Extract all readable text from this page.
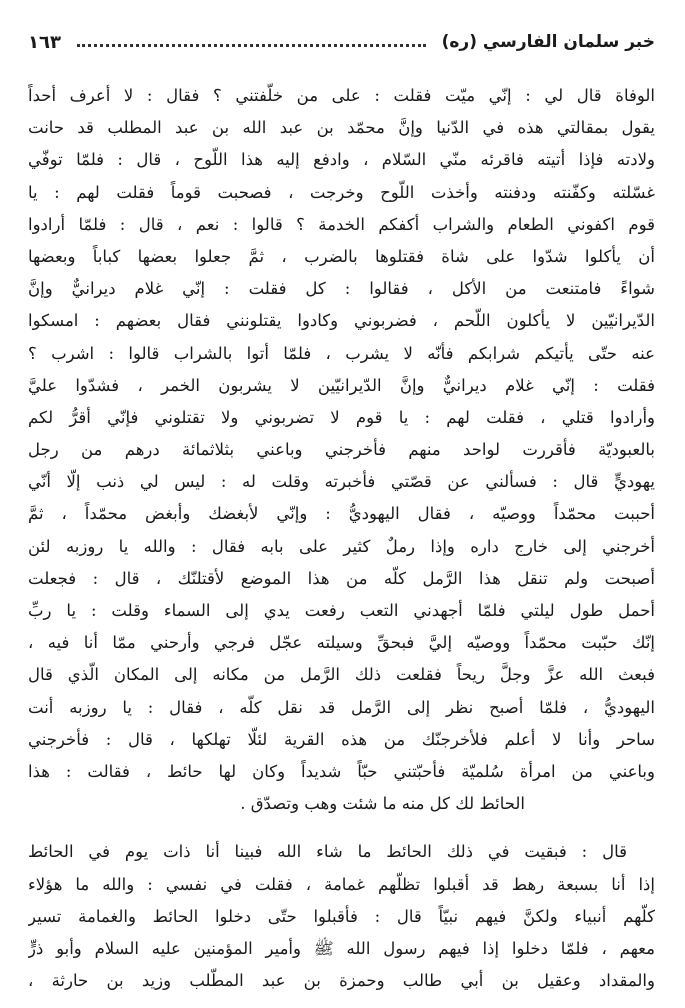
خبر سلمان الفارسي (ره)
١٦٣
الوفاة قال لي : إنّي ميّت فقلت : على من خلّفتني ؟ فقال : لا أعرف أحداً
يقول بمقالتي هذه في الدّنيا وإنَّ محمّد بن عبد الله بن عبد المطلب قد حانت
ولادته فإذا أتيته فاقرئه منّي السّلام ، وادفع إليه هذا اللّوح ، قال : فلمّا توفّي
غسّلته وكفّنته ودفنته وأخذت اللّوح وخرجت ، فصحبت قوماً فقلت لهم : يا
قوم اكفوني الطعام والشراب أكفكم الخدمة ؟ قالوا : نعم ، قال : فلمّا أرادوا
أن يأكلوا شدّوا على شاة فقتلوها بالضرب ، ثمَّ جعلوا بعضها كباباً وبعضها
شواءً فامتنعت من الأكل ، فقالوا : كل فقلت : إنّي غلام ديرانيٌّ وإنَّ
الدّيرانيّين لا يأكلون اللّحم ، فضربوني وكادوا يقتلونني فقال بعضهم : امسكوا
عنه حتّى يأتيكم شرابكم فأنّه لا يشرب ، فلمّا أتوا بالشراب قالوا : اشرب ؟
فقلت : إنّي غلام ديرانيٌّ وإنَّ الدّيرانيّين لا يشربون الخمر ، فشدّوا عليَّ
وأرادوا قتلي ، فقلت لهم : يا قوم لا تضربوني ولا تقتلوني فإنّي أقرُّ لكم
بالعبوديّة فأقررت لواحد منهم فأخرجني وباعني بثلاثمائة درهم من رجل
يهوديٍّ قال : فسألني عن قصّتي فأخبرته وقلت له : ليس لي ذنب إلّا أنّي
أحببت محمّداً ووصيّه ، فقال اليهوديُّ : وإنّي لأبغضك وأبغض محمّداً ، ثمَّ
أخرجني إلى خارج داره وإذا رملٌ كثير على بابه فقال : والله يا روزبه لئن
أصبحت ولم تنقل هذا الرَّمل كلّه من هذا الموضع لأقتلنّك ، قال : فجعلت
أحمل طول ليلتي فلمّا أجهدني التعب رفعت يدي إلى السماء وقلت : يا ربِّ
إنّك حبّبت محمّداً ووصيّه إليَّ فبحقِّ وسيلته عجّل فرجي وأرحني ممّا أنا فيه ،
فبعث الله عزَّ وجلَّ ريحاً فقلعت ذلك الرَّمل من مكانه إلى المكان الّذي قال
اليهوديُّ ، فلمّا أصبح نظر إلى الرَّمل قد نقل كلّه ، فقال : يا روزبه أنت
ساحر وأنا لا أعلم فلأخرجنّك من هذه القرية لئلّا تهلكها ، قال : فأخرجني
وباعني من امرأة سُلميّة فأحبّتني حبّاً شديداً وكان لها حائط ، فقالت : هذا
الحائط لك كل منه ما شئت وهب وتصدّق .
قال : فبقيت في ذلك الحائط ما شاء الله فبينا أنا ذات يوم في الحائط
إذا أنا بسبعة رهط قد أقبلوا تظلّهم غمامة ، فقلت في نفسي : والله ما هؤلاء
كلّهم أنبياء ولكنَّ فيهم نبيّاً قال : فأقبلوا حتّى دخلوا الحائط والغمامة تسير
معهم ، فلمّا دخلوا إذا فيهم رسول الله ﷺ وأمير المؤمنين عليه السلام وأبو ذرٍّ
والمقداد وعقيل بن أبي طالب وحمزة بن عبد المطّلب وزيد بن حارثة ،
